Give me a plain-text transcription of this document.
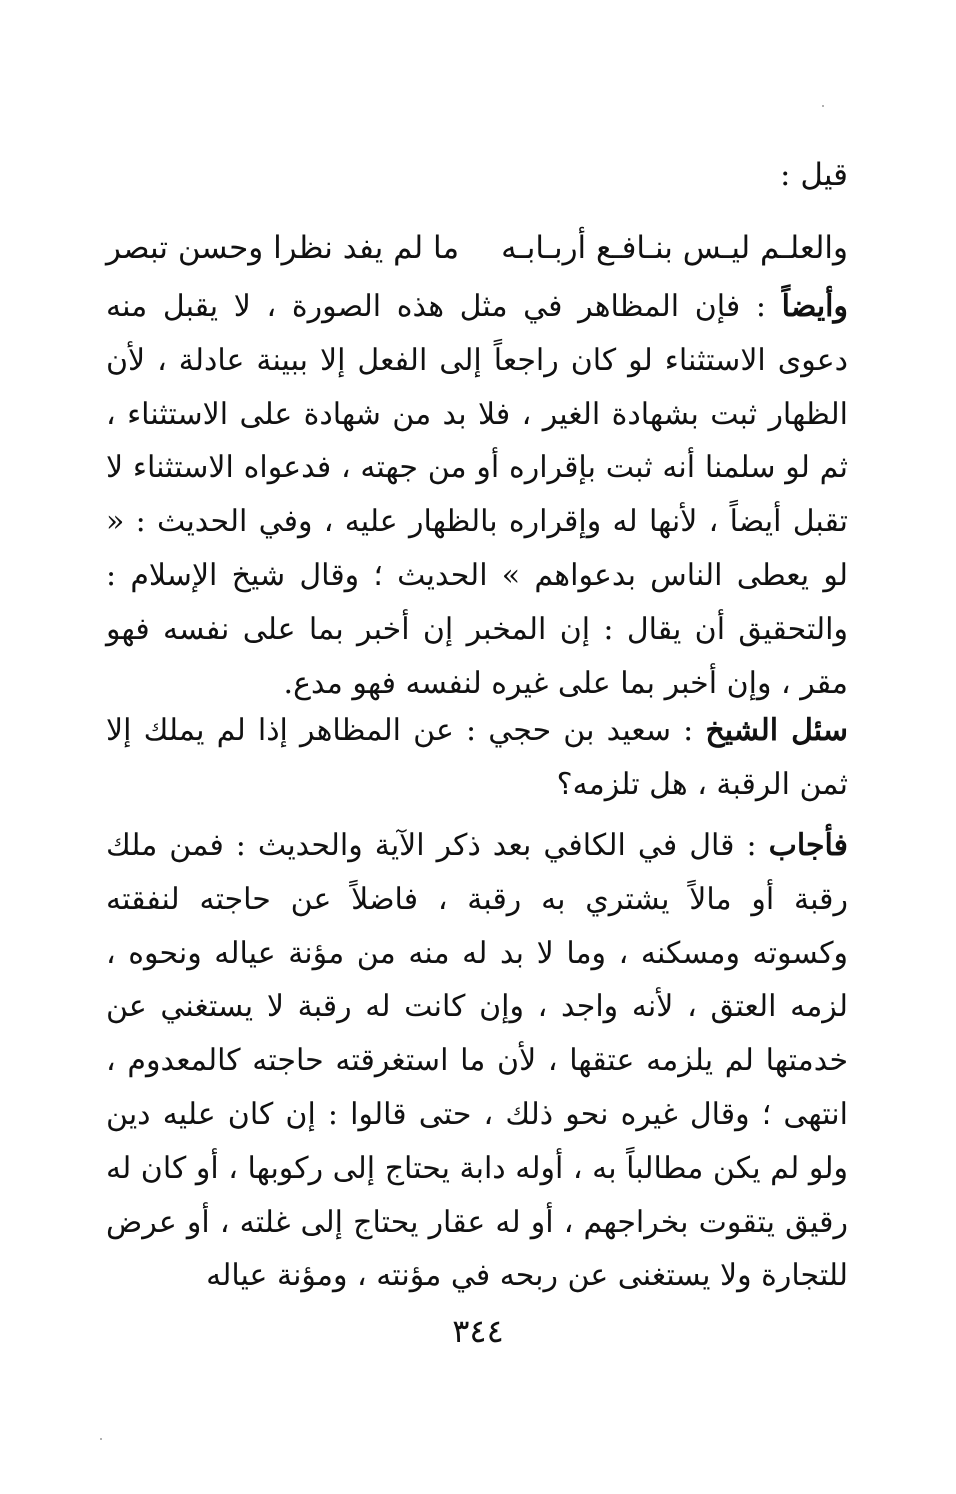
قيل :

والعلـم ليـس بنـافـع أربـابـه
ما لم يفد نظرا وحسن تبصر

وأيضاً : فإن المظاهر في مثل هذه الصورة ، لا يقبل منه دعوى الاستثناء لو كان راجعاً إلى الفعل إلا ببينة عادلة ، لأن الظهار ثبت بشهادة الغير ، فلا بد من شهادة على الاستثناء ، ثم لو سلمنا أنه ثبت بإقراره أو من جهته ، فدعواه الاستثناء لا تقبل أيضاً ، لأنها له وإقراره بالظهار عليه ، وفي الحديث : « لو يعطى الناس بدعواهم » الحديث ؛ وقال شيخ الإسلام : والتحقيق أن يقال : إن المخبر إن أخبر بما على نفسه فهو مقر ، وإن أخبر بما على غيره لنفسه فهو مدع.

سئل الشيخ : سعيد بن حجي : عن المظاهر إذا لم يملك إلا ثمن الرقبة ، هل تلزمه؟

فأجاب : قال في الكافي بعد ذكر الآية والحديث : فمن ملك رقبة أو مالاً يشتري به رقبة ، فاضلاً عن حاجته لنفقته وكسوته ومسكنه ، وما لا بد له منه من مؤنة عياله ونحوه ، لزمه العتق ، لأنه واجد ، وإن كانت له رقبة لا يستغني عن خدمتها لم يلزمه عتقها ، لأن ما استغرقته حاجته كالمعدوم ، انتهى ؛ وقال غيره نحو ذلك ، حتى قالوا : إن كان عليه دين ولو لم يكن مطالباً به ، أوله دابة يحتاج إلى ركوبها ، أو كان له رقيق يتقوت بخراجهم ، أو له عقار يحتاج إلى غلته ، أو عرض للتجارة ولا يستغنى عن ربحه في مؤنته ، ومؤنة عياله

٣٤٤
